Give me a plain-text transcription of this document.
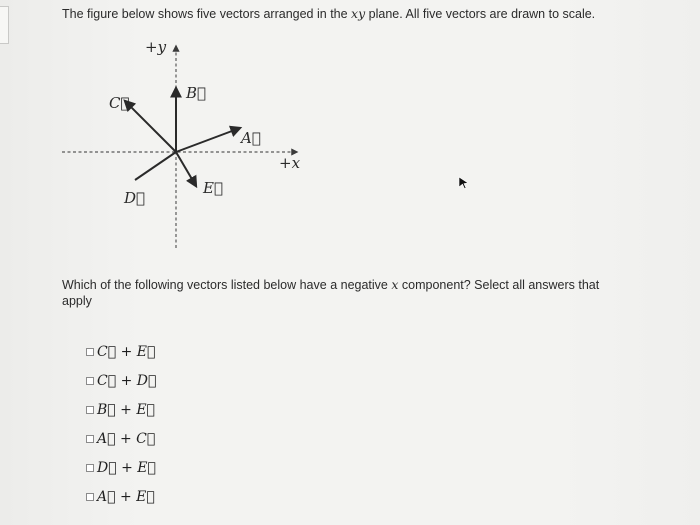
The figure below shows five vectors arranged in the xy plane. All five vectors are drawn to scale.
+y
+x
B⃗
C⃗
A⃗
D⃗
E⃗
Which of the following vectors listed below have a negative x component? Select all answers that apply
C⃗ + E⃗
C⃗ + D⃗
B⃗ + E⃗
A⃗ + C⃗
D⃗ + E⃗
A⃗ + E⃗
